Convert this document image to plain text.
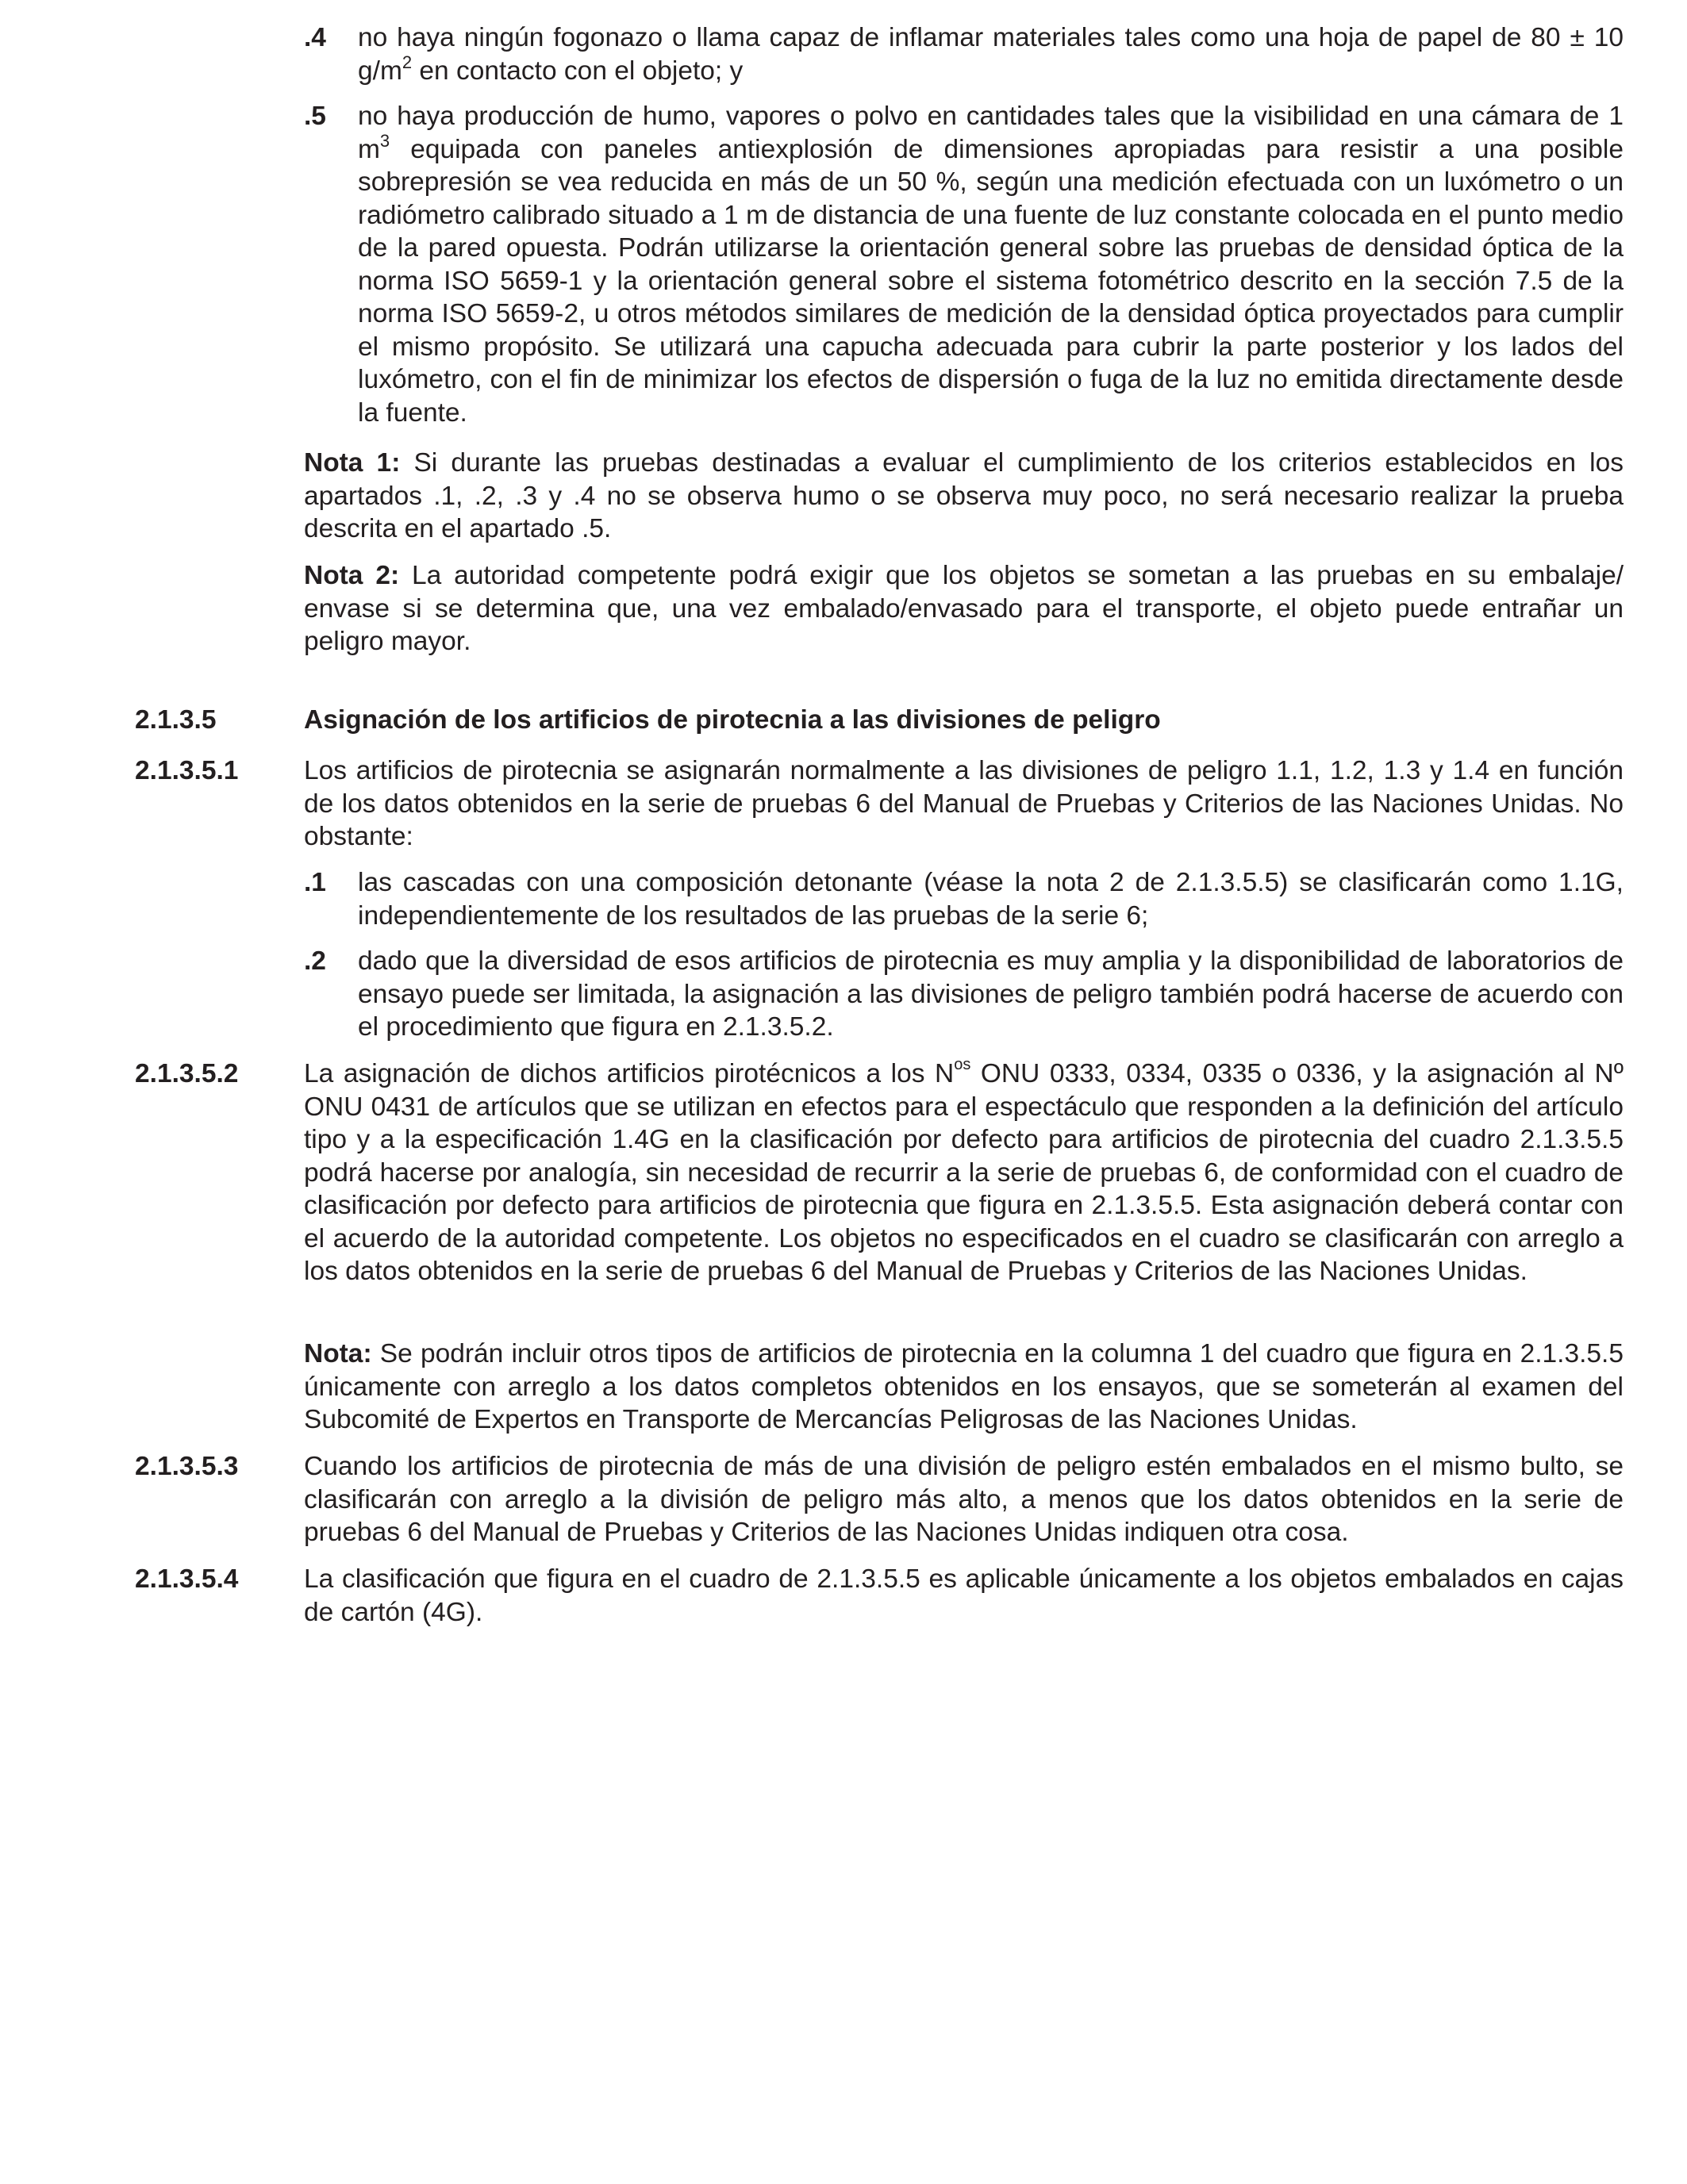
.4 no haya ningún fogonazo o llama capaz de inflamar materiales tales como una hoja de papel de 80 ± 10 $g/m^2$ en contacto con el objeto; y

.5 no haya producción de humo, vapores o polvo en cantidades tales que la visibilidad en una cámara de 1 $m^3$ equipada con paneles antiexplosión de dimensiones apropiadas para resistir a una posible sobrepresión se vea reducida en más de un 50 %, según una medición efectuada con un luxómetro o un radiómetro calibrado situado a 1 m de distancia de una fuente de luz constante colocada en el punto medio de la pared opuesta. Podrán utilizarse la orientación general sobre las pruebas de densidad óptica de la norma ISO 5659-1 y la orientación general sobre el sistema fotométrico descrito en la sección 7.5 de la norma ISO 5659-2, u otros métodos similares de medición de la densidad óptica proyectados para cumplir el mismo propósito. Se utilizará una capucha adecuada para cubrir la parte posterior y los lados del luxómetro, con el fin de minimizar los efectos de dispersión o fuga de la luz no emitida directamente desde la fuente.

Nota 1: Si durante las pruebas destinadas a evaluar el cumplimiento de los criterios establecidos en los apartados .1, .2, .3 y .4 no se observa humo o se observa muy poco, no será necesario realizar la prueba descrita en el apartado .5.

Nota 2: La autoridad competente podrá exigir que los objetos se sometan a las pruebas en su embalaje/ envase si se determina que, una vez embalado/envasado para el transporte, el objeto puede entrañar un peligro mayor.

2.1.3.5	Asignación de los artificios de pirotecnia a las divisiones de peligro

2.1.3.5.1 Los artificios de pirotecnia se asignarán normalmente a las divisiones de peligro 1.1, 1.2, 1.3 y 1.4 en función de los datos obtenidos en la serie de pruebas 6 del Manual de Pruebas y Criterios de las Naciones Unidas. No obstante:

.1 las cascadas con una composición detonante (véase la nota 2 de 2.1.3.5.5) se clasificarán como 1.1G, independientemente de los resultados de las pruebas de la serie 6;

.2 dado que la diversidad de esos artificios de pirotecnia es muy amplia y la disponibilidad de laboratorios de ensayo puede ser limitada, la asignación a las divisiones de peligro también podrá hacerse de acuerdo con el procedimiento que figura en 2.1.3.5.2.

2.1.3.5.2 La asignación de dichos artificios pirotécnicos a los $N^{os}$ ONU 0333, 0334, 0335 o 0336, y la asignación al Nº ONU 0431 de artículos que se utilizan en efectos para el espectáculo que responden a la definición del artículo tipo y a la especificación 1.4G en la clasificación por defecto para artificios de pirotecnia del cuadro 2.1.3.5.5 podrá hacerse por analogía, sin necesidad de recurrir a la serie de pruebas 6, de conformidad con el cuadro de clasificación por defecto para artificios de pirotecnia que figura en 2.1.3.5.5. Esta asignación deberá contar con el acuerdo de la autoridad competente. Los objetos no especificados en el cuadro se clasificarán con arreglo a los datos obtenidos en la serie de pruebas 6 del Manual de Pruebas y Criterios de las Naciones Unidas.

Nota: Se podrán incluir otros tipos de artificios de pirotecnia en la columna 1 del cuadro que figura en 2.1.3.5.5 únicamente con arreglo a los datos completos obtenidos en los ensayos, que se someterán al examen del Subcomité de Expertos en Transporte de Mercancías Peligrosas de las Naciones Unidas.

2.1.3.5.3 Cuando los artificios de pirotecnia de más de una división de peligro estén embalados en el mismo bulto, se clasificarán con arreglo a la división de peligro más alto, a menos que los datos obtenidos en la serie de pruebas 6 del Manual de Pruebas y Criterios de las Naciones Unidas indiquen otra cosa.

2.1.3.5.4 La clasificación que figura en el cuadro de 2.1.3.5.5 es aplicable únicamente a los objetos embalados en cajas de cartón (4G).
